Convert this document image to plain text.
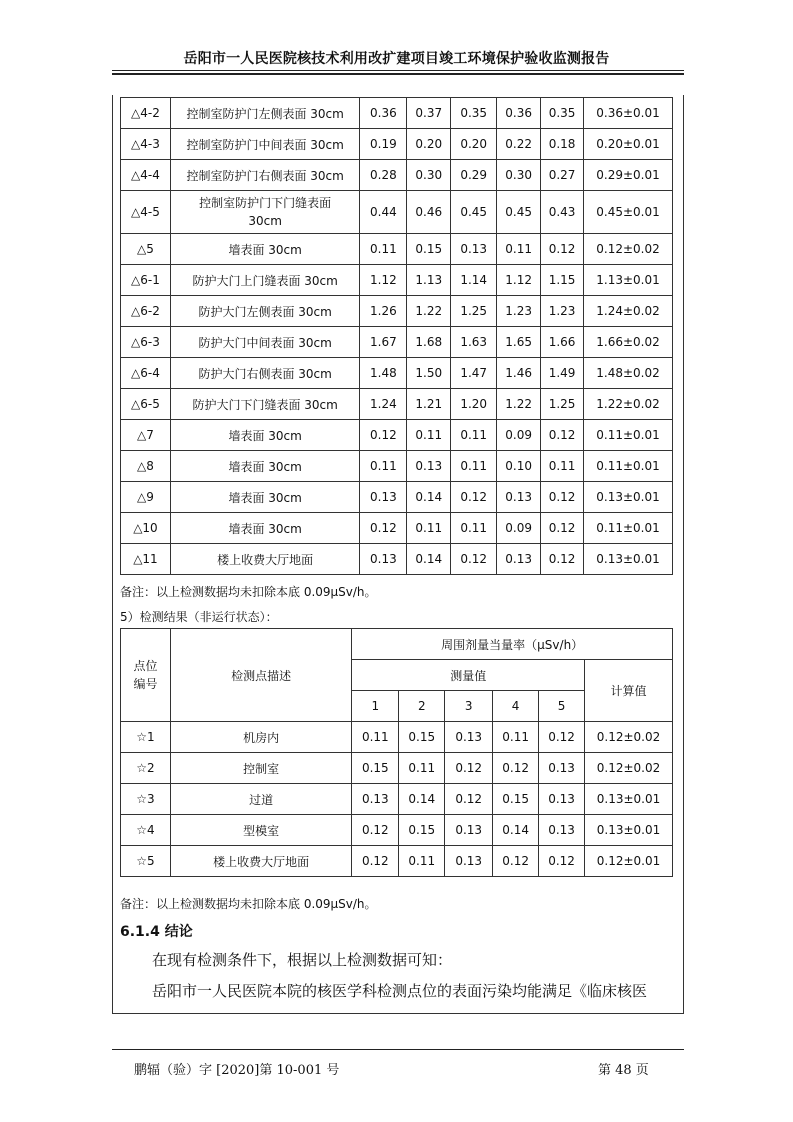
岳阳市一人民医院核技术利用改扩建项目竣工环境保护验收监测报告
△4-2	控制室防护门左侧表面 30cm	0.36	0.37	0.35	0.36	0.35	0.36±0.01
△4-3	控制室防护门中间表面 30cm	0.19	0.20	0.20	0.22	0.18	0.20±0.01
△4-4	控制室防护门右侧表面 30cm	0.28	0.30	0.29	0.30	0.27	0.29±0.01
△4-5	控制室防护门下门缝表面 30cm	0.44	0.46	0.45	0.45	0.43	0.45±0.01
△5	墙表面 30cm	0.11	0.15	0.13	0.11	0.12	0.12±0.02
△6-1	防护大门上门缝表面 30cm	1.12	1.13	1.14	1.12	1.15	1.13±0.01
△6-2	防护大门左侧表面 30cm	1.26	1.22	1.25	1.23	1.23	1.24±0.02
△6-3	防护大门中间表面 30cm	1.67	1.68	1.63	1.65	1.66	1.66±0.02
△6-4	防护大门右侧表面 30cm	1.48	1.50	1.47	1.46	1.49	1.48±0.02
△6-5	防护大门下门缝表面 30cm	1.24	1.21	1.20	1.22	1.25	1.22±0.02
△7	墙表面 30cm	0.12	0.11	0.11	0.09	0.12	0.11±0.01
△8	墙表面 30cm	0.11	0.13	0.11	0.10	0.11	0.11±0.01
△9	墙表面 30cm	0.13	0.14	0.12	0.13	0.12	0.13±0.01
△10	墙表面 30cm	0.12	0.11	0.11	0.09	0.12	0.11±0.01
△11	楼上收费大厅地面	0.13	0.14	0.12	0.13	0.12	0.13±0.01
备注：以上检测数据均未扣除本底 0.09μSv/h。
5）检测结果（非运行状态）：
点位编号	检测点描述	周围剂量当量率（μSv/h）					
		测量值					计算值
		1	2	3	4	5	
☆1	机房内	0.11	0.15	0.13	0.11	0.12	0.12±0.02
☆2	控制室	0.15	0.11	0.12	0.12	0.13	0.12±0.02
☆3	过道	0.13	0.14	0.12	0.15	0.13	0.13±0.01
☆4	型模室	0.12	0.15	0.13	0.14	0.13	0.13±0.01
☆5	楼上收费大厅地面	0.12	0.11	0.13	0.12	0.12	0.12±0.01
备注：以上检测数据均未扣除本底 0.09μSv/h。
6.1.4 结论
在现有检测条件下，根据以上检测数据可知：
岳阳市一人民医院本院的核医学科检测点位的表面污染均能满足《临床核医
鹏辐（验）字 [2020]第 10-001 号	第 48 页
